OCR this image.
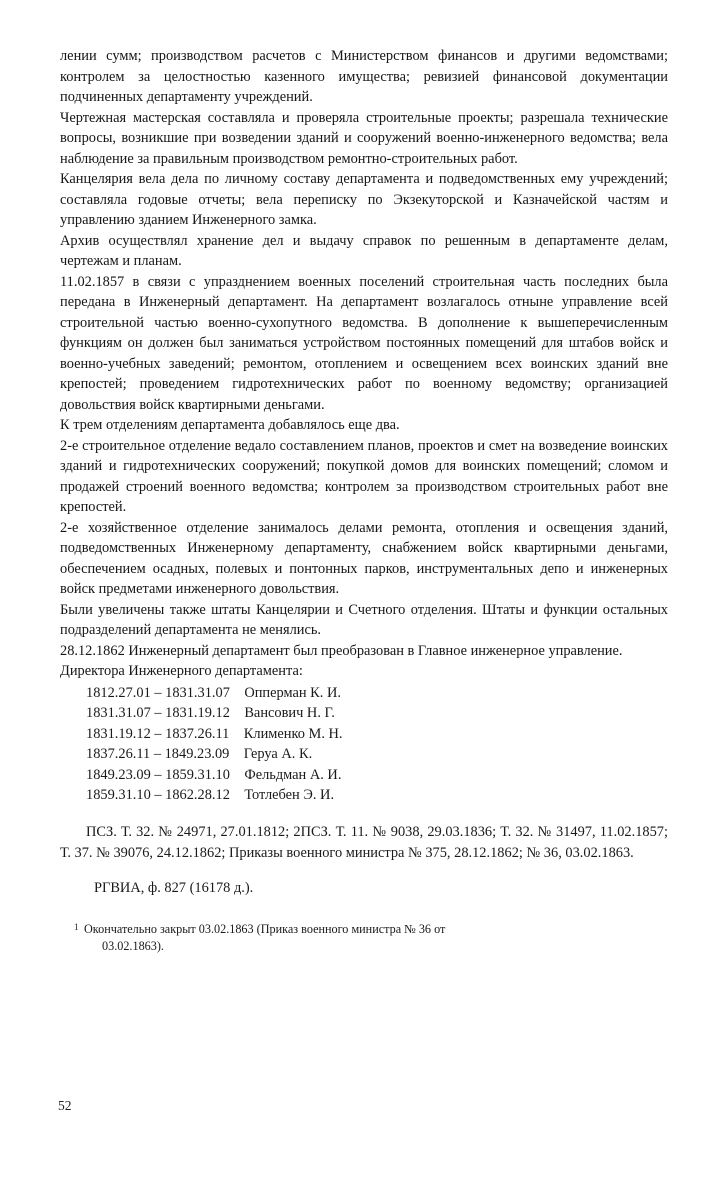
лении сумм; производством расчетов с Министерством финансов и другими ведомствами; контролем за целостностью казенного имущества; ревизией финансовой документации подчиненных департаменту учреждений.

Чертежная мастерская составляла и проверяла строительные проекты; разрешала технические вопросы, возникшие при возведении зданий и сооружений военно-инженерного ведомства; вела наблюдение за правильным производством ремонтно-строительных работ.

Канцелярия вела дела по личному составу департамента и подведомственных ему учреждений; составляла годовые отчеты; вела переписку по Экзекуторской и Казначейской частям и управлению зданием Инженерного замка.

Архив осуществлял хранение дел и выдачу справок по решенным в департаменте делам, чертежам и планам.

11.02.1857 в связи с упразднением военных поселений строительная часть последних была передана в Инженерный департамент. На департамент возлагалось отныне управление всей строительной частью военно-сухопутного ведомства. В дополнение к вышеперечисленным функциям он должен был заниматься устройством постоянных помещений для штабов войск и военно-учебных заведений; ремонтом, отоплением и освещением всех воинских зданий вне крепостей; проведением гидротехнических работ по военному ведомству; организацией довольствия войск квартирными деньгами.

К трем отделениям департамента добавлялось еще два.

2-е строительное отделение ведало составлением планов, проектов и смет на возведение воинских зданий и гидротехнических сооружений; покупкой домов для воинских помещений; сломом и продажей строений военного ведомства; контролем за производством строительных работ вне крепостей.

2-е хозяйственное отделение занималось делами ремонта, отопления и освещения зданий, подведомственных Инженерному департаменту, снабжением войск квартирными деньгами, обеспечением осадных, полевых и понтонных парков, инструментальных депо и инженерных войск предметами инженерного довольствия.

Были увеличены также штаты Канцелярии и Счетного отделения. Штаты и функции остальных подразделений департамента не менялись.

28.12.1862 Инженерный департамент был преобразован в Главное инженерное управление.

Директора Инженерного департамента:

1812.27.01 – 1831.31.07 Опперман К. И.
1831.31.07 – 1831.19.12 Вансович Н. Г.
1831.19.12 – 1837.26.11 Клименко М. Н.
1837.26.11 – 1849.23.09 Геруа А. К.
1849.23.09 – 1859.31.10 Фельдман А. И.
1859.31.10 – 1862.28.12 Тотлебен Э. И.
ПСЗ. Т. 32. № 24971, 27.01.1812; 2ПСЗ. Т. 11. № 9038, 29.03.1836; Т. 32. № 31497, 11.02.1857; Т. 37. № 39076, 24.12.1862; Приказы военного министра № 375, 28.12.1862; № 36, 03.02.1863.
РГВИА, ф. 827 (16178 д.).
1 Окончательно закрыт 03.02.1863 (Приказ военного министра № 36 от
03.02.1863).
52
